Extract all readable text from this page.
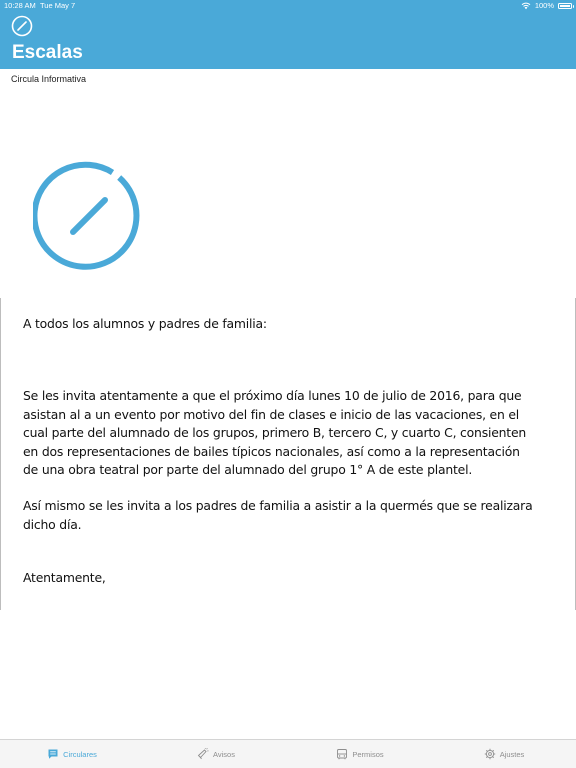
10:28 AM Tue May 7	100%
Escalas
Circula Informativa
A todos los alumnos y padres de familia:
Se les invita atentamente a que el próximo día lunes 10 de julio de 2016, para que
asistan al a un evento por motivo del fin de clases e inicio de las vacaciones, en el
cual parte del alumnado de los grupos, primero B, tercero C, y cuarto C, consienten
en dos representaciones de bailes típicos nacionales, así como a la representación
de una obra teatral por parte del alumnado del grupo 1° A de este plantel.
Así mismo se les invita a los padres de familia a asistir a la quermés que se realizara
dicho día.
Atentamente,
Circulares	Avisos	Permisos	Ajustes
